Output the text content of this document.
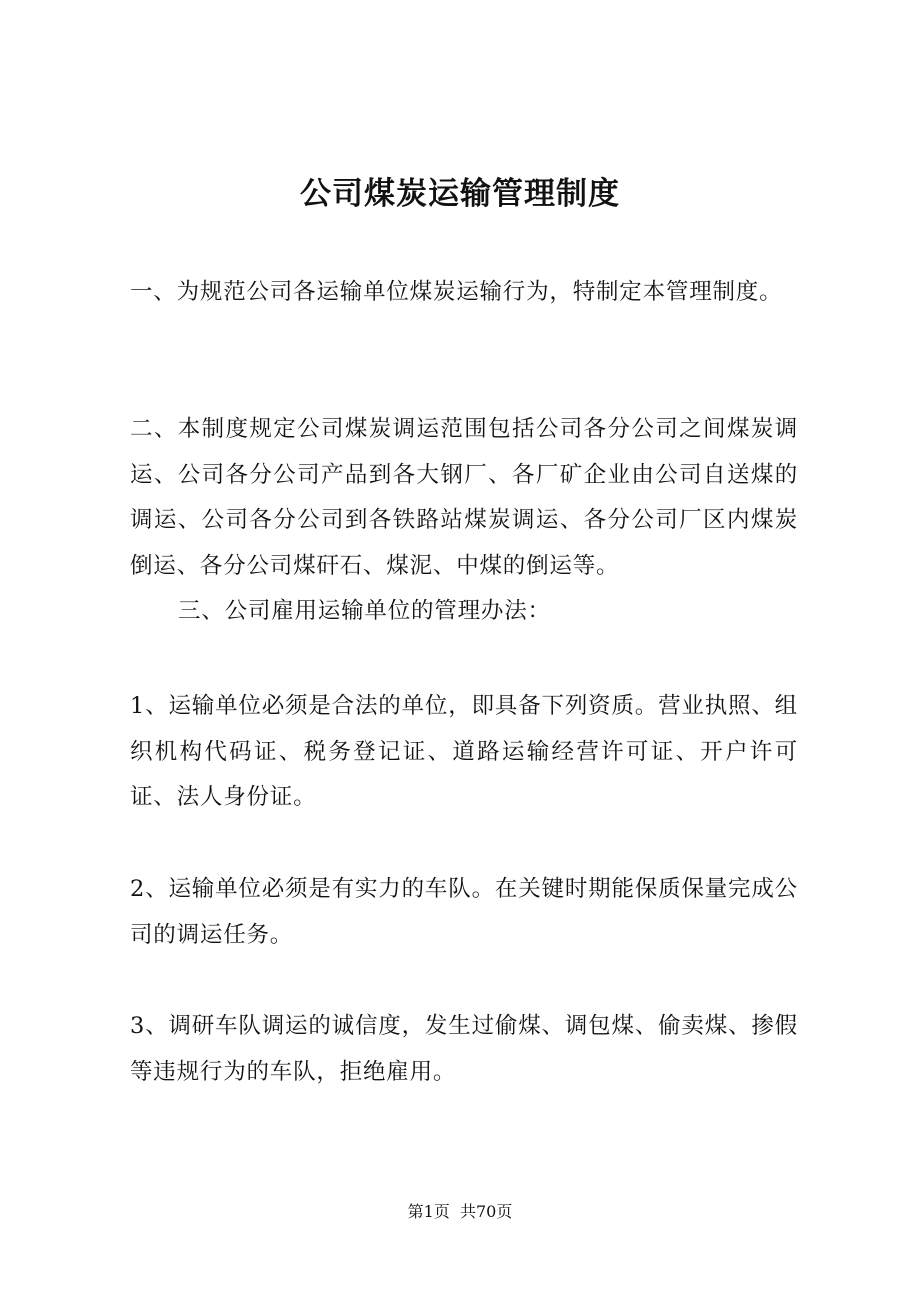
公司煤炭运输管理制度

一、为规范公司各运输单位煤炭运输行为，特制定本管理制度。

二、本制度规定公司煤炭调运范围包括公司各分公司之间煤炭调运、公司各分公司产品到各大钢厂、各厂矿企业由公司自送煤的调运、公司各分公司到各铁路站煤炭调运、各分公司厂区内煤炭倒运、各分公司煤矸石、煤泥、中煤的倒运等。

三、公司雇用运输单位的管理办法：

1、运输单位必须是合法的单位，即具备下列资质。营业执照、组织机构代码证、税务登记证、道路运输经营许可证、开户许可证、法人身份证。

2、运输单位必须是有实力的车队。在关键时期能保质保量完成公司的调运任务。

3、调研车队调运的诚信度，发生过偷煤、调包煤、偷卖煤、掺假等违规行为的车队，拒绝雇用。

第1页  共70页
